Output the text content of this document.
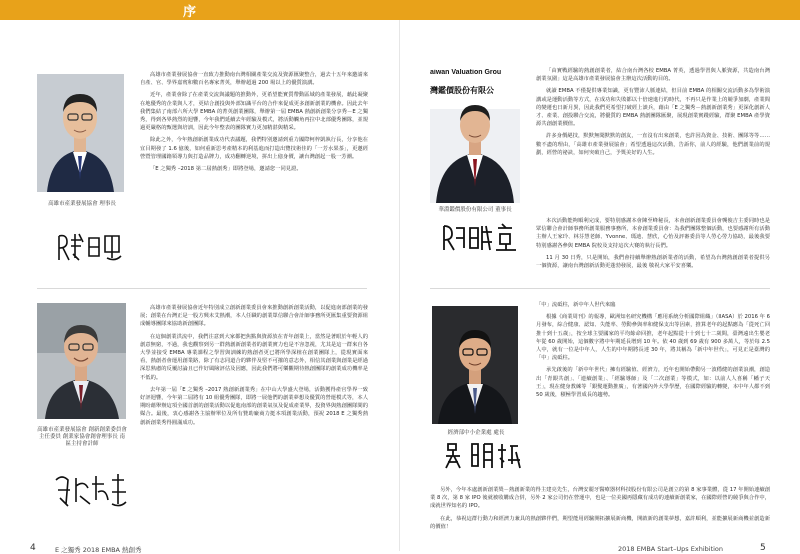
序
高雄市產業發展協會 理事長

高雄市產業發展協會一直致力推動南台灣相關產業交流及資源匯聚整合，過去十五年來邀請來自產、官、學界嘉賓和數百名專家菁英，舉辦超過 200 場以上的優質演講。

近年，產業會除了在產業交流與議題的推動外，更希望能實質帶動區域的產業發展，藉此凝聚在地優秀的企業與人才，更結合創投與外部知識平台的合作來促成更多創新創業的機會。因此去年我們集結了南部六所大學 EMBA 的菁英創業團隊，舉辦第一屆 EMBA 熱創新創業分享秀－E 之獨秀，得到各界熱烈的迴響，今年我們延續去年經驗及模式，將活動觸角再拉中北部優秀團隊，並規過更嚴格的甄選與培訓，因此今年整表的團隊實力更加精湛與精采。

除此之外，今年熱創新創業成功代表議題，我們特別邀請到重力國際柯梓凱執行長，分享他在宜目期發了 1.6 億後，如何重新思考產精本的利基進而打造出覽技術佳的「一芳水果茶」，更邀經營暨管理國籍領導力與打造品牌力，成功翻轉逆境，拼出上億身價，讓台灣創起一股一芳潮。

「E 之獨秀 –2018 第二屆熱創秀」即將登場，邀請您一同見證。

高雄市產業發展協會 創新創業委員會主任委員 創業家協會創會理事長 南區主持會計師

高雄市產業發展協會近年特別成立創新創業委員會來推動創新創業活動，以促進南部創業的發展；創業在台灣正是一股方興未艾熱潮，本人任職的創業眾信聯合會計師事務所更匯集重要資源組成輔導團隊來協助新創團隊。

在這個創業洪流中，我們注意到大家都把焦點與資源放在青年創業上，當然是著眼於年輕人的創意無窮，不過，我也觀察到另一群熱創新創業者的創業實力也是不容忽視，尤其是這一群來自各大學並接受 EMBA 專業課程之學習與訓練的熱創者更已將所學深植在創業團隊上，從現實面來看，熱創者會運用創業路，除了有志同道合的夥伴及堅不可摧的意志外，相信其創業與創業是經過深思熟慮的反覆討論且已作好風險評估及因應，因此我們將可樂觀期待熱創團隊的創業成功機率是不低的。

去年第一屆「E 之獨秀 –2017 熱創新創業秀」在中山大學盛大登場，活動獲得產官學界一致好評迴響，今年第二屆將有 10 組優秀團隊，即將一展他們的創業夢想及優質的營運模式等，本人期盼藉舉辦這項全國首創的創業活動以促進南部的創業氣氛及促成產業界，投資界與熱創團隊間的媒合。最後，衷心感謝各主協辦單位及所有贊助廠商力挺本項創業活動，預祝 2018 E 之獨秀熱創新創業秀得圓滿成功。

4	E 之獨秀 2018 EMBA 熱創秀
aiwan Valuation Grou
灣鑑價股份有限公
華淵鑑價股份有限公司 董事長

「由實戰經驗的熱創創業者，結合南台灣各校 EMBA 菁英，透過學習與人脈資源，共造南台灣創業氛圍」這是高雄市產業發展協會主辦這次活動的目的。

就讀 EMBA 不僅提供專業知識，更有豐沛人脈連結，但目前 EMBA 的相關交流活動多為學術演講或是運動活動等方式，在成功和失敗都以十倍速進行的時代，不再只是作業上的競爭加劇，產業間的變遷也日新月異，因此我們更希望打破經上談兵，藉由「E 之獨秀－熱創新創業秀」更深化創新人才、產業、創投聯合交流，將優質的 EMBA 熱創團隊匯聚，展現創業實踐經驗，群聚 EMBA 產學資源共創創業價值。

許多身價絕技，默默無聞默默的創友，一直沒有出來創業，也許因為資金、技術、團隊等等……數不盡的理由，「高雄市產業發展協會」希望透過這次活動，告訴你，前人的經驗，他們創業前的規劃，經營的祕訣，如何突破自己，予獎美好的人生。

本次活動能夠順利完成，要特別感謝本會陳至峰秘長，本會創新創業委員會龔俊吉主委同時也是眾信聯合會計師事務所創業服務事務所，本會創業委員會：為我們團隊整個活動，也要感謝所有活動主辦人王家玲、林芬慧老師、Yvonne、瑪迪、慧欣，心怡及評審委員等人勞心勞力協助，最後我要特別感謝各參與 EMBA 院校及支持這次大賽的執行長們。

11 月 30 日秀，只是開始，我們會持續舉辦熱創新業者的活動，希望為台灣熱創創業者提供另一個資源，讓南台灣創新活動更蓬勃發展，最後 敬祝大家平安喜樂。

經濟部中小企業處 處長

「中」流砥柱，新中年人世代來臨

根據《商業周刊》的報導，歐洲知名研究機構「應用系統分析國際組織」（IIASA）於 2016 年 6 月發布，綜合健康、認知、失能率、勞動參與率和健保支出等因素，推算老年的起點應為「從死亡回推十到十五歲」，按全球主要國家的平均餘命回推，老年起點從十十到七十二歲間，臺灣遠出生嬰老年從 60 歲開始，這個數字將中年期延長增到 10 年。依 40 歲到 69 歲有 900 多萬人，等於每 2.5 人中，就有一位是中年人，人生的中年期將長達 30 年，將其稱為「新中年世代」，可見正是臺灣的「中」流砥柱。

承先啟後的「新中年世代」擁有經驗值、經濟力，近年也開始帶動另一波穩健的創業浪潮，創造出「青銀共創」、「連續創業」、「經驗導師」及「二次創業」等模式，如：以前人人喜稱「幡子天王」，現在健身教練等「銀髮運動推廣」，有著國內外大學學歷，在國際經驗的轉變，本中年人都不到 50 歲後，積極學習成長的趨勢。

另外，今年本處創新創業獎－熱創新業的得主建亮先生，台灣安麗牙醫療器材科技股份有限公司是創立的第 8 家事業體，從 17 年開始連續創業 8 次，第 8 家 IPO 後就被收購成合併，另外 2 家公司仍在營運中，也是一位美國再隱藏有成功的連續新創業家，在國際經營的競爭與合作中，成就世界知名的 IPO。

在此，恭祝這群行動力和經濟力兼具的熱創夥伴們，期望能用經驗開拓擴展新商機，開啟新的創業夢想，嘉許順利，並能擴展新商機並創造新的價值！

2018 EMBA Start–Ups Exhibition	5
